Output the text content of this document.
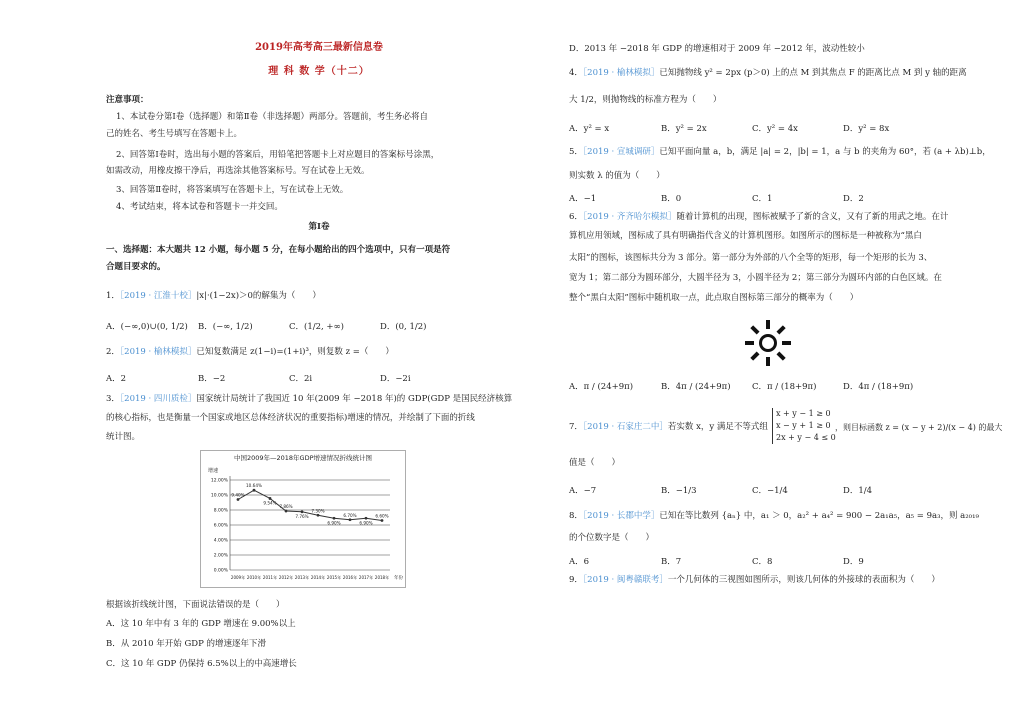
2019年高考高三最新信息卷
理 科 数 学（十二）
注意事项：
1、本试卷分第Ⅰ卷（选择题）和第Ⅱ卷（非选择题）两部分。答题前，考生务必将自
己的姓名、考生号填写在答题卡上。
2、回答第Ⅰ卷时，选出每小题的答案后，用铅笔把答题卡上对应题目的答案标号涂黑，
如需改动，用橡皮擦干净后，再选涂其他答案标号。写在试卷上无效。
3、回答第Ⅱ卷时，将答案填写在答题卡上，写在试卷上无效。
4、考试结束，将本试卷和答题卡一并交回。
第Ⅰ卷
一、选择题：本大题共 12 小题，每小题 5 分，在每小题给出的四个选项中，只有一项是符
合题目要求的。
1．［2019 · 江淮十校］|x|·(1−2x)＞0的解集为（　　）
A．(−∞,0)∪(0, 1/2) B．(−∞, 1/2)	C．(1/2, +∞)	D．(0, 1/2)
2．［2019 · 榆林模拟］已知复数满足 z(1−i)=(1+i)³，则复数 z =（　　）
A．2	B．−2	C．2i	D．−2i
3．［2019 · 四川质检］国家统计局统计了我国近 10 年(2009 年 −2018 年)的 GDP(GDP 是国民经济核算
的核心指标，也是衡量一个国家或地区总体经济状况的重要指标)增速的情况，并绘制了下面的折线
统计图。
中国2009年—2018年GDP增速情况折线统计图
增速
0.00%
2.00%
4.00%
6.00%
8.00%
10.00%
12.00%
9.40%
2009年
10.64%
2010年
9.54%
2011年
7.86%
2012年
7.76%
2013年
7.30%
2014年
6.90%
2015年
6.70%
2016年
6.90%
2017年
6.60%
2018年 年份
根据该折线统计图，下面说法错误的是（　　）
A．这 10 年中有 3 年的 GDP 增速在 9.00%以上
B．从 2010 年开始 GDP 的增速逐年下滑
C．这 10 年 GDP 仍保持 6.5%以上的中高速增长
D．2013 年 −2018 年 GDP 的增速相对于 2009 年 −2012 年，波动性较小
4．［2019 · 榆林模拟］已知抛物线 y² = 2px (p＞0) 上的点 M 到其焦点 F 的距离比点 M 到 y 轴的距离
大 1/2，则抛物线的标准方程为（　　）
A．y² = x	B．y² = 2x	C．y² = 4x	D．y² = 8x
5．［2019 · 宣城调研］已知平面向量 a，b，满足 |a| = 2，|b| = 1，a 与 b 的夹角为 60°，若 (a + λb)⊥b，
则实数 λ 的值为（　　）
A．−1	B．0	C．1	D．2
6．［2019 · 齐齐哈尔模拟］随着计算机的出现，图标被赋予了新的含义，又有了新的用武之地。在计
算机应用领域，图标成了具有明确指代含义的计算机图形。如图所示的图标是一种被称为“黑白
太阳”的图标，该图标共分为 3 部分。第一部分为外部的八个全等的矩形，每一个矩形的长为 3、
宽为 1；第二部分为圆环部分，大圆半径为 3，小圆半径为 2；第三部分为圆环内部的白色区域。在
整个“黑白太阳”图标中随机取一点，此点取自图标第三部分的概率为（　　）
A．π / (24+9π)	B．4π / (24+9π)	C．π / (18+9π)	D．4π / (18+9π)
7．［2019 · 石家庄二中］若实数 x，y 满足不等式组
x + y − 1 ≥ 0
x − y + 1 ≥ 0
2x + y − 4 ≤ 0
，则目标函数 z = (x − y + 2)/(x − 4) 的最大
值是（　　）
A．−7	B．−1/3	C．−1/4	D．1/4
8．［2019 · 长郡中学］已知在等比数列 {aₙ} 中，a₁ ＞ 0，a₂² + a₄² = 900 − 2a₁a₅，a₅ = 9a₃，则 a₂₀₁₉
的个位数字是（　　）
A．6	B．7	C．8	D．9
9．［2019 · 闽粤赣联考］一个几何体的三视图如图所示，则该几何体的外接球的表面积为（　　）
